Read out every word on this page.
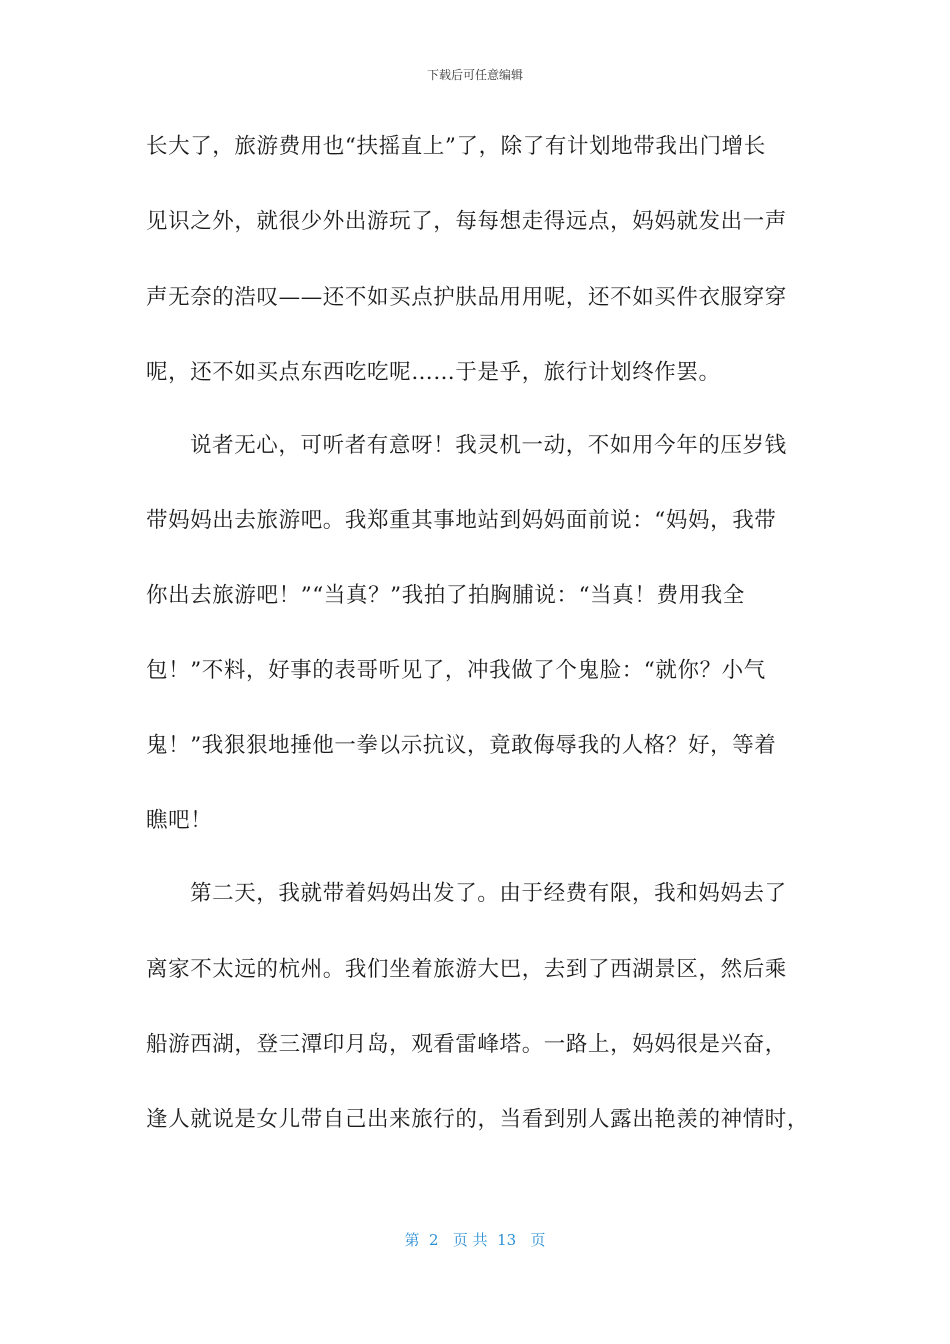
下载后可任意编辑
长大了，旅游费用也“扶摇直上”了，除了有计划地带我出门增长
见识之外，就很少外出游玩了，每每想走得远点，妈妈就发出一声
声无奈的浩叹——还不如买点护肤品用用呢，还不如买件衣服穿穿
呢，还不如买点东西吃吃呢……于是乎，旅行计划终作罢。
说者无心，可听者有意呀！我灵机一动，不如用今年的压岁钱
带妈妈出去旅游吧。我郑重其事地站到妈妈面前说：“妈妈，我带
你出去旅游吧！”“当真？”我拍了拍胸脯说：“当真！费用我全
包！”不料，好事的表哥听见了，冲我做了个鬼脸：“就你？小气
鬼！”我狠狠地捶他一拳以示抗议，竟敢侮辱我的人格？好，等着
瞧吧！
第二天，我就带着妈妈出发了。由于经费有限，我和妈妈去了
离家不太远的杭州。我们坐着旅游大巴，去到了西湖景区，然后乘
船游西湖，登三潭印月岛，观看雷峰塔。一路上，妈妈很是兴奋，
逢人就说是女儿带自己出来旅行的，当看到别人露出艳羡的神情时，
第  2   页 共  13   页
